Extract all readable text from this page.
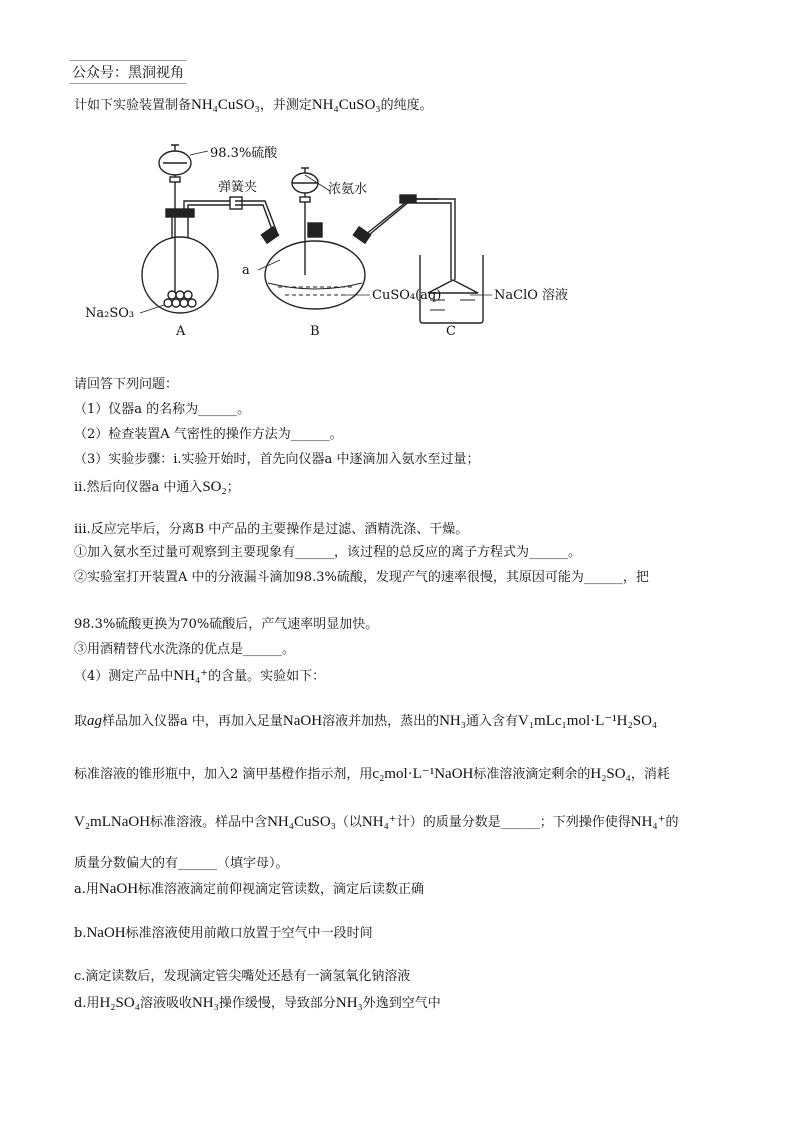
公众号：黑洞视角
计如下实验装置制备NH₄CuSO₃，并测定NH₄CuSO₃的纯度。
98.3%硫酸
弹簧夹	浓氨水
a
CuSO₄(aq)
Na₂SO₃
NaClO 溶液
A	B	C
请回答下列问题：
（1）仪器a 的名称为______。
（2）检查装置A 气密性的操作方法为______。
（3）实验步骤：ⅰ.实验开始时，首先向仪器a 中逐滴加入氨水至过量；
ii.然后向仪器a 中通入SO₂；
iii.反应完毕后，分离B 中产品的主要操作是过滤、酒精洗涤、干燥。
①加入氨水至过量可观察到主要现象有______，该过程的总反应的离子方程式为______。
②实验室打开装置A 中的分液漏斗滴加98.3%硫酸，发现产气的速率很慢，其原因可能为______，把
98.3%硫酸更换为70%硫酸后，产气速率明显加快。
③用酒精替代水洗涤的优点是______。
（4）测定产品中NH₄⁺的含量。实验如下：
取ag样品加入仪器a 中，再加入足量NaOH溶液并加热，蒸出的NH₃通入含有V₁mLc₁mol·L⁻¹H₂SO₄
标准溶液的锥形瓶中，加入2 滴甲基橙作指示剂，用c₂mol·L⁻¹NaOH标准溶液滴定剩余的H₂SO₄，消耗
V₂mLNaOH标准溶液。样品中含NH₄CuSO₃（以NH₄⁺计）的质量分数是______；下列操作使得NH₄⁺的
质量分数偏大的有______（填字母）。
a.用NaOH标准溶液滴定前仰视滴定管读数，滴定后读数正确
b.NaOH标准溶液使用前敞口放置于空气中一段时间
c.滴定读数后，发现滴定管尖嘴处还悬有一滴氢氧化钠溶液
d.用H₂SO₄溶液吸收NH₃操作缓慢，导致部分NH₃外逸到空气中
